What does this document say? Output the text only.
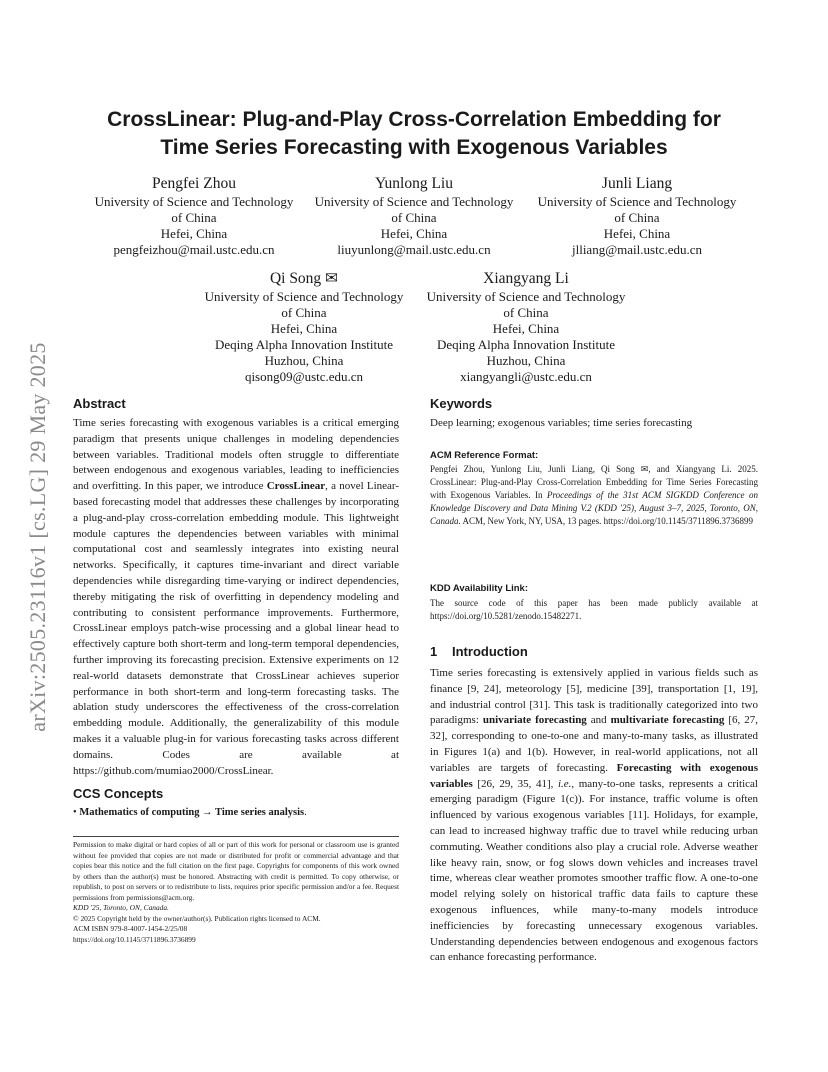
CrossLinear: Plug-and-Play Cross-Correlation Embedding for
Time Series Forecasting with Exogenous Variables
arXiv:2505.23116v1 [cs.LG] 29 May 2025
Pengfei Zhou
University of Science and Technology
of China
Hefei, China
pengfeizhou@mail.ustc.edu.cn
Yunlong Liu
University of Science and Technology
of China
Hefei, China
liuyunlong@mail.ustc.edu.cn
Junli Liang
University of Science and Technology
of China
Hefei, China
jlliang@mail.ustc.edu.cn
Qi Song ✉
University of Science and Technology
of China
Hefei, China
Deqing Alpha Innovation Institute
Huzhou, China
qisong09@ustc.edu.cn
Xiangyang Li
University of Science and Technology
of China
Hefei, China
Deqing Alpha Innovation Institute
Huzhou, China
xiangyangli@ustc.edu.cn
Abstract

Time series forecasting with exogenous variables is a critical emerging paradigm that presents unique challenges in modeling dependencies between variables. Traditional models often struggle to differentiate between endogenous and exogenous variables, leading to inefficiencies and overfitting. In this paper, we introduce CrossLinear, a novel Linear-based forecasting model that addresses these challenges by incorporating a plug-and-play cross-correlation embedding module. This lightweight module captures the dependencies between variables with minimal computational cost and seamlessly integrates into existing neural networks. Specifically, it captures time-invariant and direct variable dependencies while disregarding time-varying or indirect dependencies, thereby mitigating the risk of overfitting in dependency modeling and contributing to consistent performance improvements. Furthermore, CrossLinear employs patch-wise processing and a global linear head to effectively capture both short-term and long-term temporal dependencies, further improving its forecasting precision. Extensive experiments on 12 real-world datasets demonstrate that CrossLinear achieves superior performance in both short-term and long-term forecasting tasks. The ablation study underscores the effectiveness of the cross-correlation embedding module. Additionally, the generalizability of this module makes it a valuable plug-in for various forecasting tasks across different domains. Codes are available at https://github.com/mumiao2000/CrossLinear.

CCS Concepts
• Mathematics of computing → Time series analysis.

Permission to make digital or hard copies of all or part of this work for personal or classroom use is granted without fee provided that copies are not made or distributed for profit or commercial advantage and that copies bear this notice and the full citation on the first page. Copyrights for components of this work owned by others than the author(s) must be honored. Abstracting with credit is permitted. To copy otherwise, or republish, to post on servers or to redistribute to lists, requires prior specific permission and/or a fee. Request permissions from permissions@acm.org.

KDD '25, Toronto, ON, Canada.

© 2025 Copyright held by the owner/author(s). Publication rights licensed to ACM.

ACM ISBN 979-8-4007-1454-2/25/08

https://doi.org/10.1145/3711896.3736899

Keywords

Deep learning; exogenous variables; time series forecasting

ACM Reference Format:

Pengfei Zhou, Yunlong Liu, Junli Liang, Qi Song ✉, and Xiangyang Li. 2025. CrossLinear: Plug-and-Play Cross-Correlation Embedding for Time Series Forecasting with Exogenous Variables. In Proceedings of the 31st ACM SIGKDD Conference on Knowledge Discovery and Data Mining V.2 (KDD '25), August 3–7, 2025, Toronto, ON, Canada. ACM, New York, NY, USA, 13 pages. https://doi.org/10.1145/3711896.3736899

KDD Availability Link:

The source code of this paper has been made publicly available at https://doi.org/10.5281/zenodo.15482271.

1 Introduction

Time series forecasting is extensively applied in various fields such as finance [9, 24], meteorology [5], medicine [39], transportation [1, 19], and industrial control [31]. This task is traditionally categorized into two paradigms: univariate forecasting and multivariate forecasting [6, 27, 32], corresponding to one-to-one and many-to-many tasks, as illustrated in Figures 1(a) and 1(b). However, in real-world applications, not all variables are targets of forecasting. Forecasting with exogenous variables [26, 29, 35, 41], i.e., many-to-one tasks, represents a critical emerging paradigm (Figure 1(c)). For instance, traffic volume is often influenced by various exogenous variables [11]. Holidays, for example, can lead to increased highway traffic due to travel while reducing urban commuting. Weather conditions also play a crucial role. Adverse weather like heavy rain, snow, or fog slows down vehicles and increases travel time, whereas clear weather promotes smoother traffic flow. A one-to-one model relying solely on historical traffic data fails to capture these exogenous influences, while many-to-many models introduce inefficiencies by forecasting unnecessary exogenous variables. Understanding dependencies between endogenous and exogenous factors can enhance forecasting performance.
